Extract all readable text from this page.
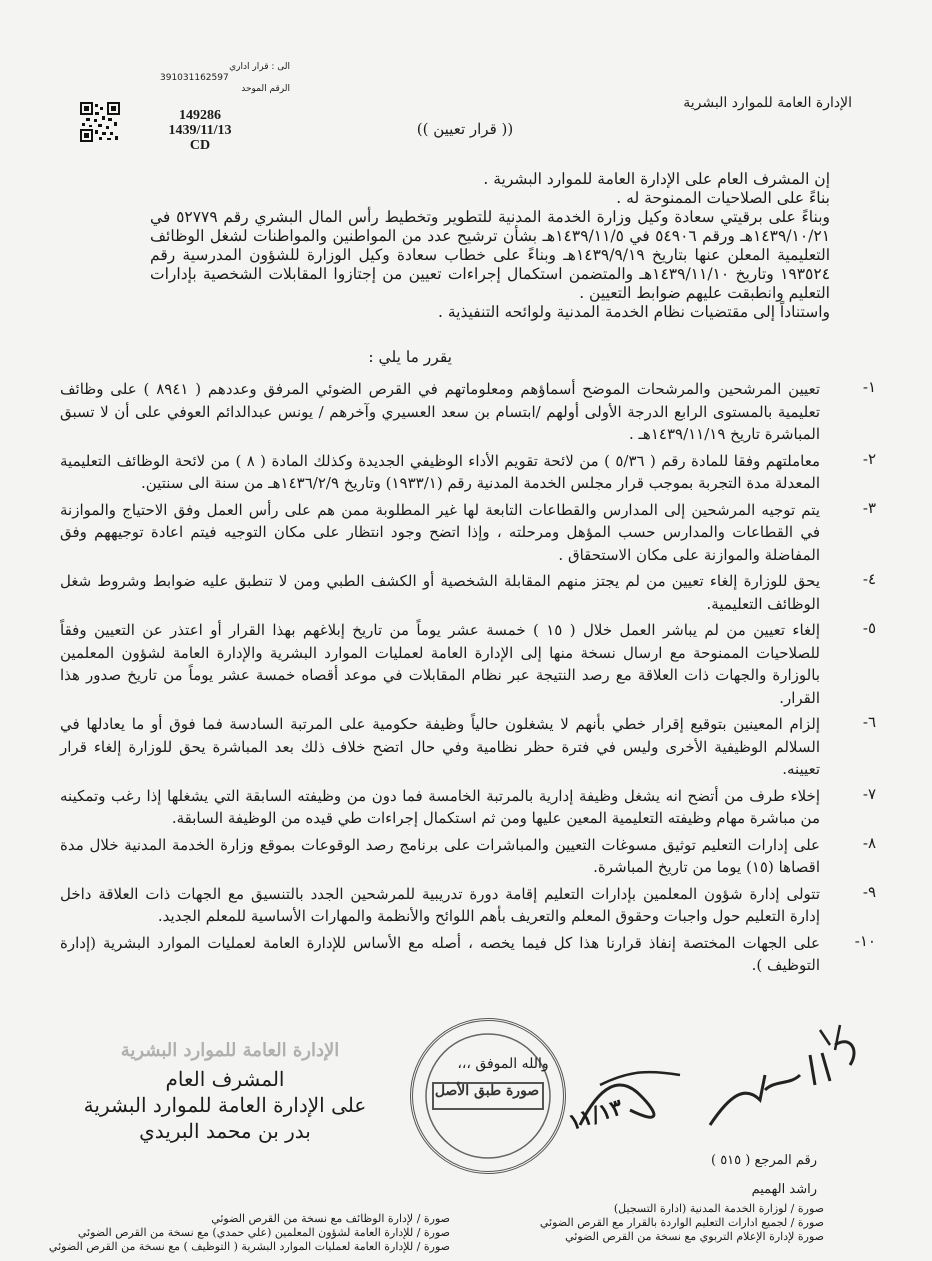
الى : قرار اداري
391031162597
الرقم الموحد
149286
1439/11/13
CD
الإدارة العامة للموارد البشرية
(( قرار تعيين ))
إن المشرف العام على الإدارة العامة للموارد البشرية .
بناءً على الصلاحيات الممنوحة له .
وبناءً على برقيتي سعادة وكيل وزارة الخدمة المدنية للتطوير وتخطيط رأس المال البشري رقم ٥٢٧٧٩ في ١٤٣٩/١٠/٢١هـ ورقم ٥٤٩٠٦ في ١٤٣٩/١١/٥هـ بشأن ترشيح عدد من المواطنين والمواطنات لشغل الوظائف التعليمية المعلن عنها بتاريخ ١٤٣٩/٩/١٩هـ وبناءً على خطاب سعادة وكيل الوزارة للشؤون المدرسية رقم ١٩٣٥٢٤ وتاريخ ١٤٣٩/١١/١٠هـ والمتضمن استكمال إجراءات تعيين من إجتازوا المقابلات الشخصية بإدارات التعليم وانطبقت عليهم ضوابط التعيين .
واستناداً إلى مقتضيات نظام الخدمة المدنية ولوائحه التنفيذية .
يقرر ما يلي :
١-
تعيين المرشحين والمرشحات الموضح أسماؤهم ومعلوماتهم في القرص الضوئي المرفق وعددهم ( ٨٩٤١ ) على وظائف تعليمية بالمستوى الرابع الدرجة الأولى أولهم /ابتسام بن سعد العسيري وآخرهم / يونس عبدالدائم العوفي على أن لا تسبق المباشرة تاريخ ١٤٣٩/١١/١٩هـ .
٢-
معاملتهم وفقا للمادة رقم ( ٥/٣٦ ) من لائحة تقويم الأداء الوظيفي الجديدة وكذلك المادة ( ٨ ) من لائحة الوظائف التعليمية المعدلة مدة التجربة بموجب قرار مجلس الخدمة المدنية رقم (١٩٣٣/١) وتاريخ ١٤٣٦/٢/٩هـ من سنة الى سنتين.
٣-
يتم توجيه المرشحين إلى المدارس والقطاعات التابعة لها غير المطلوبة ممن هم على رأس العمل وفق الاحتياج والموازنة في القطاعات والمدارس حسب المؤهل ومرحلته ، وإذا اتضح وجود انتظار على مكان التوجيه فيتم اعادة توجيههم وفق المفاضلة والموازنة على مكان الاستحقاق .
٤-
يحق للوزارة إلغاء تعيين من لم يجتز منهم المقابلة الشخصية أو الكشف الطبي ومن لا تنطبق عليه ضوابط وشروط شغل الوظائف التعليمية.
٥-
إلغاء تعيين من لم يباشر العمل خلال ( ١٥ ) خمسة عشر يوماً من تاريخ إبلاغهم بهذا القرار أو اعتذر عن التعيين وفقاً للصلاحيات الممنوحة مع ارسال نسخة منها إلى الإدارة العامة لعمليات الموارد البشرية والإدارة العامة لشؤون المعلمين بالوزارة والجهات ذات العلاقة مع رصد النتيجة عبر نظام المقابلات في موعد أقصاه خمسة عشر يوماً من تاريخ صدور هذا القرار.
٦-
إلزام المعينين بتوقيع إقرار خطي بأنهم لا يشغلون حالياً وظيفة حكومية على المرتبة السادسة فما فوق أو ما يعادلها في السلالم الوظيفية الأخرى وليس في فترة حظر نظامية وفي حال اتضح خلاف ذلك بعد المباشرة يحق للوزارة إلغاء قرار تعيينه.
٧-
إخلاء طرف من أتضح انه يشغل وظيفة إدارية بالمرتبة الخامسة فما دون من وظيفته السابقة التي يشغلها إذا رغب وتمكينه من مباشرة مهام وظيفته التعليمية المعين عليها ومن ثم استكمال إجراءات طي قيده من الوظيفة السابقة.
٨-
على إدارات التعليم توثيق مسوغات التعيين والمباشرات على برنامج رصد الوقوعات بموقع وزارة الخدمة المدنية خلال مدة اقصاها (١٥) يوما من تاريخ المباشرة.
٩-
تتولى إدارة شؤون المعلمين بإدارات التعليم إقامة دورة تدريبية للمرشحين الجدد بالتنسيق مع الجهات ذات العلاقة داخل إدارة التعليم حول واجبات وحقوق المعلم والتعريف بأهم اللوائح والأنظمة والمهارات الأساسية للمعلم الجديد.
١٠-
على الجهات المختصة إنفاذ قرارنا هذا كل فيما يخصه ، أصله مع الأساس للإدارة العامة لعمليات الموارد البشرية (إدارة التوظيف ).
الإدارة العامة للموارد البشرية
المشرف العام
على الإدارة العامة للموارد البشرية
بدر بن محمد البريدي
صورة طبق الأصل
والله الموفق ،،،
١١/١٣
رقم المرجع ( ٥١٥ )
راشد الهميم
صورة / لوزارة الخدمة المدنية (ادارة التسجيل)
صورة / لجميع ادارات التعليم الواردة بالقرار مع القرص الضوئي
صورة لإدارة الإعلام التربوي مع نسخة من القرص الضوئي
صورة / لإدارة الوظائف مع نسخة من القرص الضوئي
صورة / للإدارة العامة لشؤون المعلمين (علي حمدي) مع نسخة من القرص الضوئي
صورة / للإدارة العامة لعمليات الموارد البشرية ( التوظيف ) مع نسخة من القرص الضوئي
